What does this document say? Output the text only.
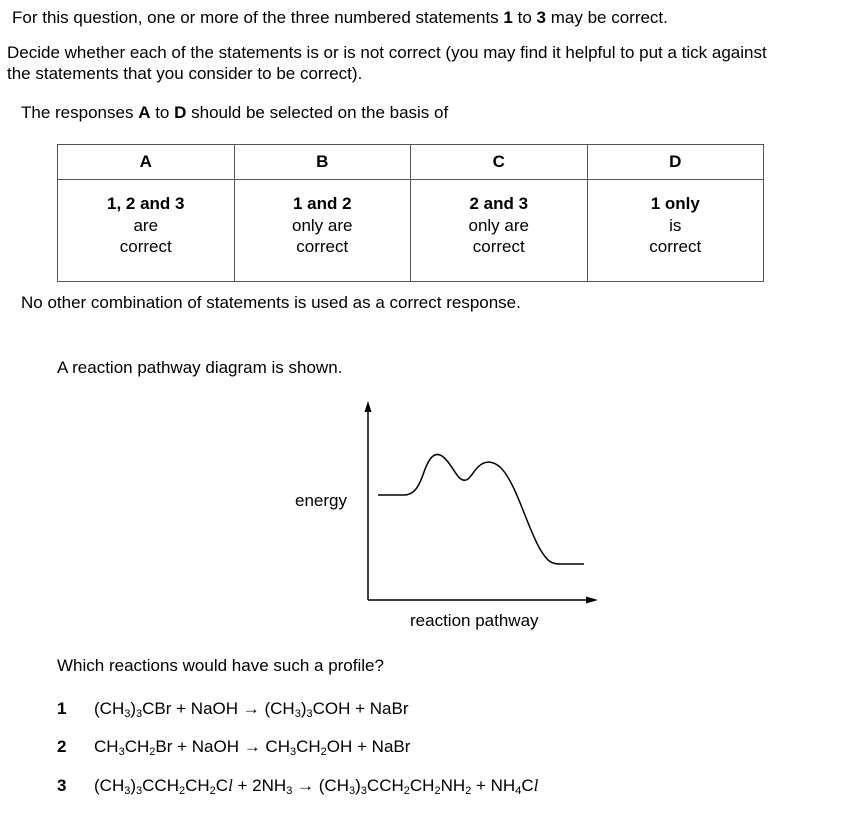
For this question, one or more of the three numbered statements 1 to 3 may be correct.
Decide whether each of the statements is or is not correct (you may find it helpful to put a tick against
the statements that you consider to be correct).
The responses A to D should be selected on the basis of
A	B	C	D

1, 2 and 3
are
correct	1 and 2
only are
correct	2 and 3
only are
correct	1 only
is
correct
No other combination of statements is used as a correct response.
A reaction pathway diagram is shown.
energy
reaction pathway
Which reactions would have such a profile?
1 $(CH_3)_3CBr$ + NaOH → $(CH_3)_3COH$ + NaBr
2 $CH_3CH_2Br$ + NaOH → $CH_3CH_2OH$ + NaBr
3 $(CH_3)_3CCH_2CH_2Cl + 2NH_3 \to (CH_3)_3CCH_2CH_2NH_2 + NH_4Cl$
